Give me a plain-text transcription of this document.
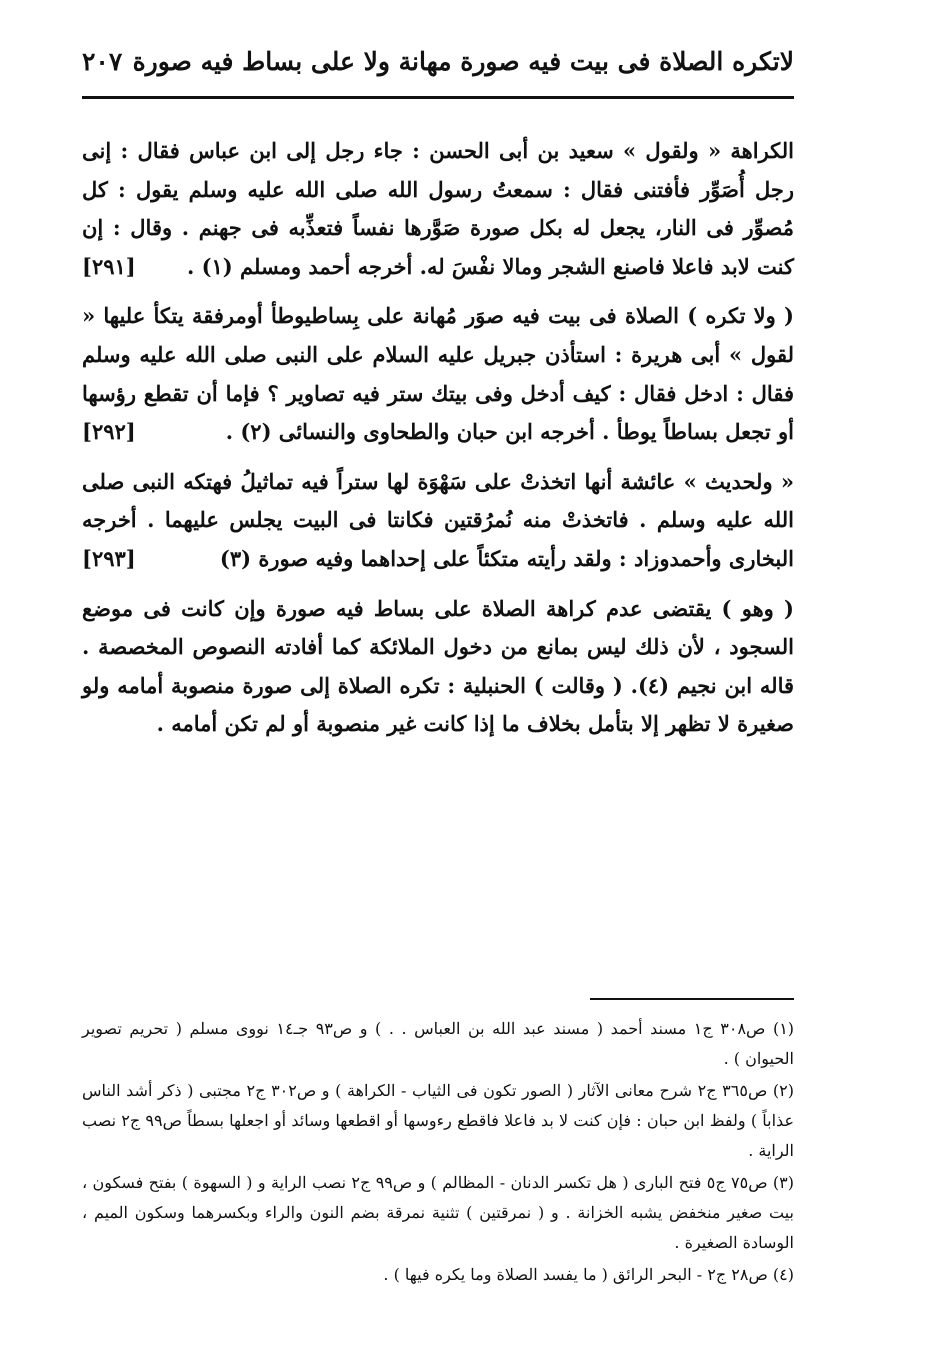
لاتكره الصلاة فى بيت فيه صورة مهانة ولا على بساط فيه صورة
٢٠٧
الكراهة « ولقول » سعيد بن أبى الحسن : جاء رجل إلى ابن عباس فقال : إنى رجل أُصَوِّر فأفتنى فقال : سمعتُ رسول الله صلى الله عليه وسلم يقول : كل مُصوِّر فى النار، يجعل له بكل صورة صَوَّرها نفساً فتعذِّبه فى جهنم . وقال : إن كنت لابد فاعلا فاصنع الشجر ومالا نفْسَ له. أخرجه أحمد ومسلم (١) .
[٢٩١]
( ولا تكره ) الصلاة فى بيت فيه صوَر مُهانة على بِساطيوطأ أومرفقة يتكأ عليها « لقول » أبى هريرة : استأذن جبريل عليه السلام على النبى صلى الله عليه وسلم فقال : ادخل فقال : كيف أدخل وفى بيتك ستر فيه تصاوير ؟ فإما أن تقطع رؤسها أو تجعل بساطاً يوطأ . أخرجه ابن حبان والطحاوى والنسائى (٢) .
[٢٩٢]
« ولحديث » عائشة أنها اتخذتْ على سَهْوَة لها ستراً فيه تماثيلُ فهتكه النبى صلى الله عليه وسلم . فاتخذتْ منه نُمرُقتين فكانتا فى البيت يجلس عليهما . أخرجه البخارى وأحمدوزاد : ولقد رأيته متكئاً على إحداهما وفيه صورة (٣)
[٢٩٣]
( وهو ) يقتضى عدم كراهة الصلاة على بساط فيه صورة وإن كانت فى موضع السجود ، لأن ذلك ليس بمانع من دخول الملائكة كما أفادته النصوص المخصصة . قاله ابن نجيم (٤). ( وقالت ) الحنبلية : تكره الصلاة إلى صورة منصوبة أمامه ولو صغيرة لا تظهر إلا بتأمل بخلاف ما إذا كانت غير منصوبة أو لم تكن أمامه .

(١) ص٣٠٨ ج١ مسند أحمد ( مسند عبد الله بن العباس . . ) و ص٩٣ جـ١٤ نووى مسلم ( تحريم تصوير الحيوان ) .

(٢) ص٣٦٥ ج٢ شرح معانى الآثار ( الصور تكون فى الثياب - الكراهة ) و ص٣٠٢ ج٢ مجتبى ( ذكر أشد الناس عذاباً ) ولفظ ابن حبان : فإن كنت لا بد فاعلا فاقطع رءوسها أو اقطعها وسائد أو اجعلها بسطاً ص٩٩ ج٢ نصب الراية .

(٣) ص٧٥ ج٥ فتح البارى ( هل تكسر الدنان - المظالم ) و ص٩٩ ج٢ نصب الراية و ( السهوة ) بفتح فسكون ، بيت صغير منخفض يشبه الخزانة . و ( نمرقتين ) تثنية نمرقة بضم النون والراء وبكسرهما وسكون الميم ، الوسادة الصغيرة .

(٤) ص٢٨ ج٢ - البحر الرائق ( ما يفسد الصلاة وما يكره فيها ) .
